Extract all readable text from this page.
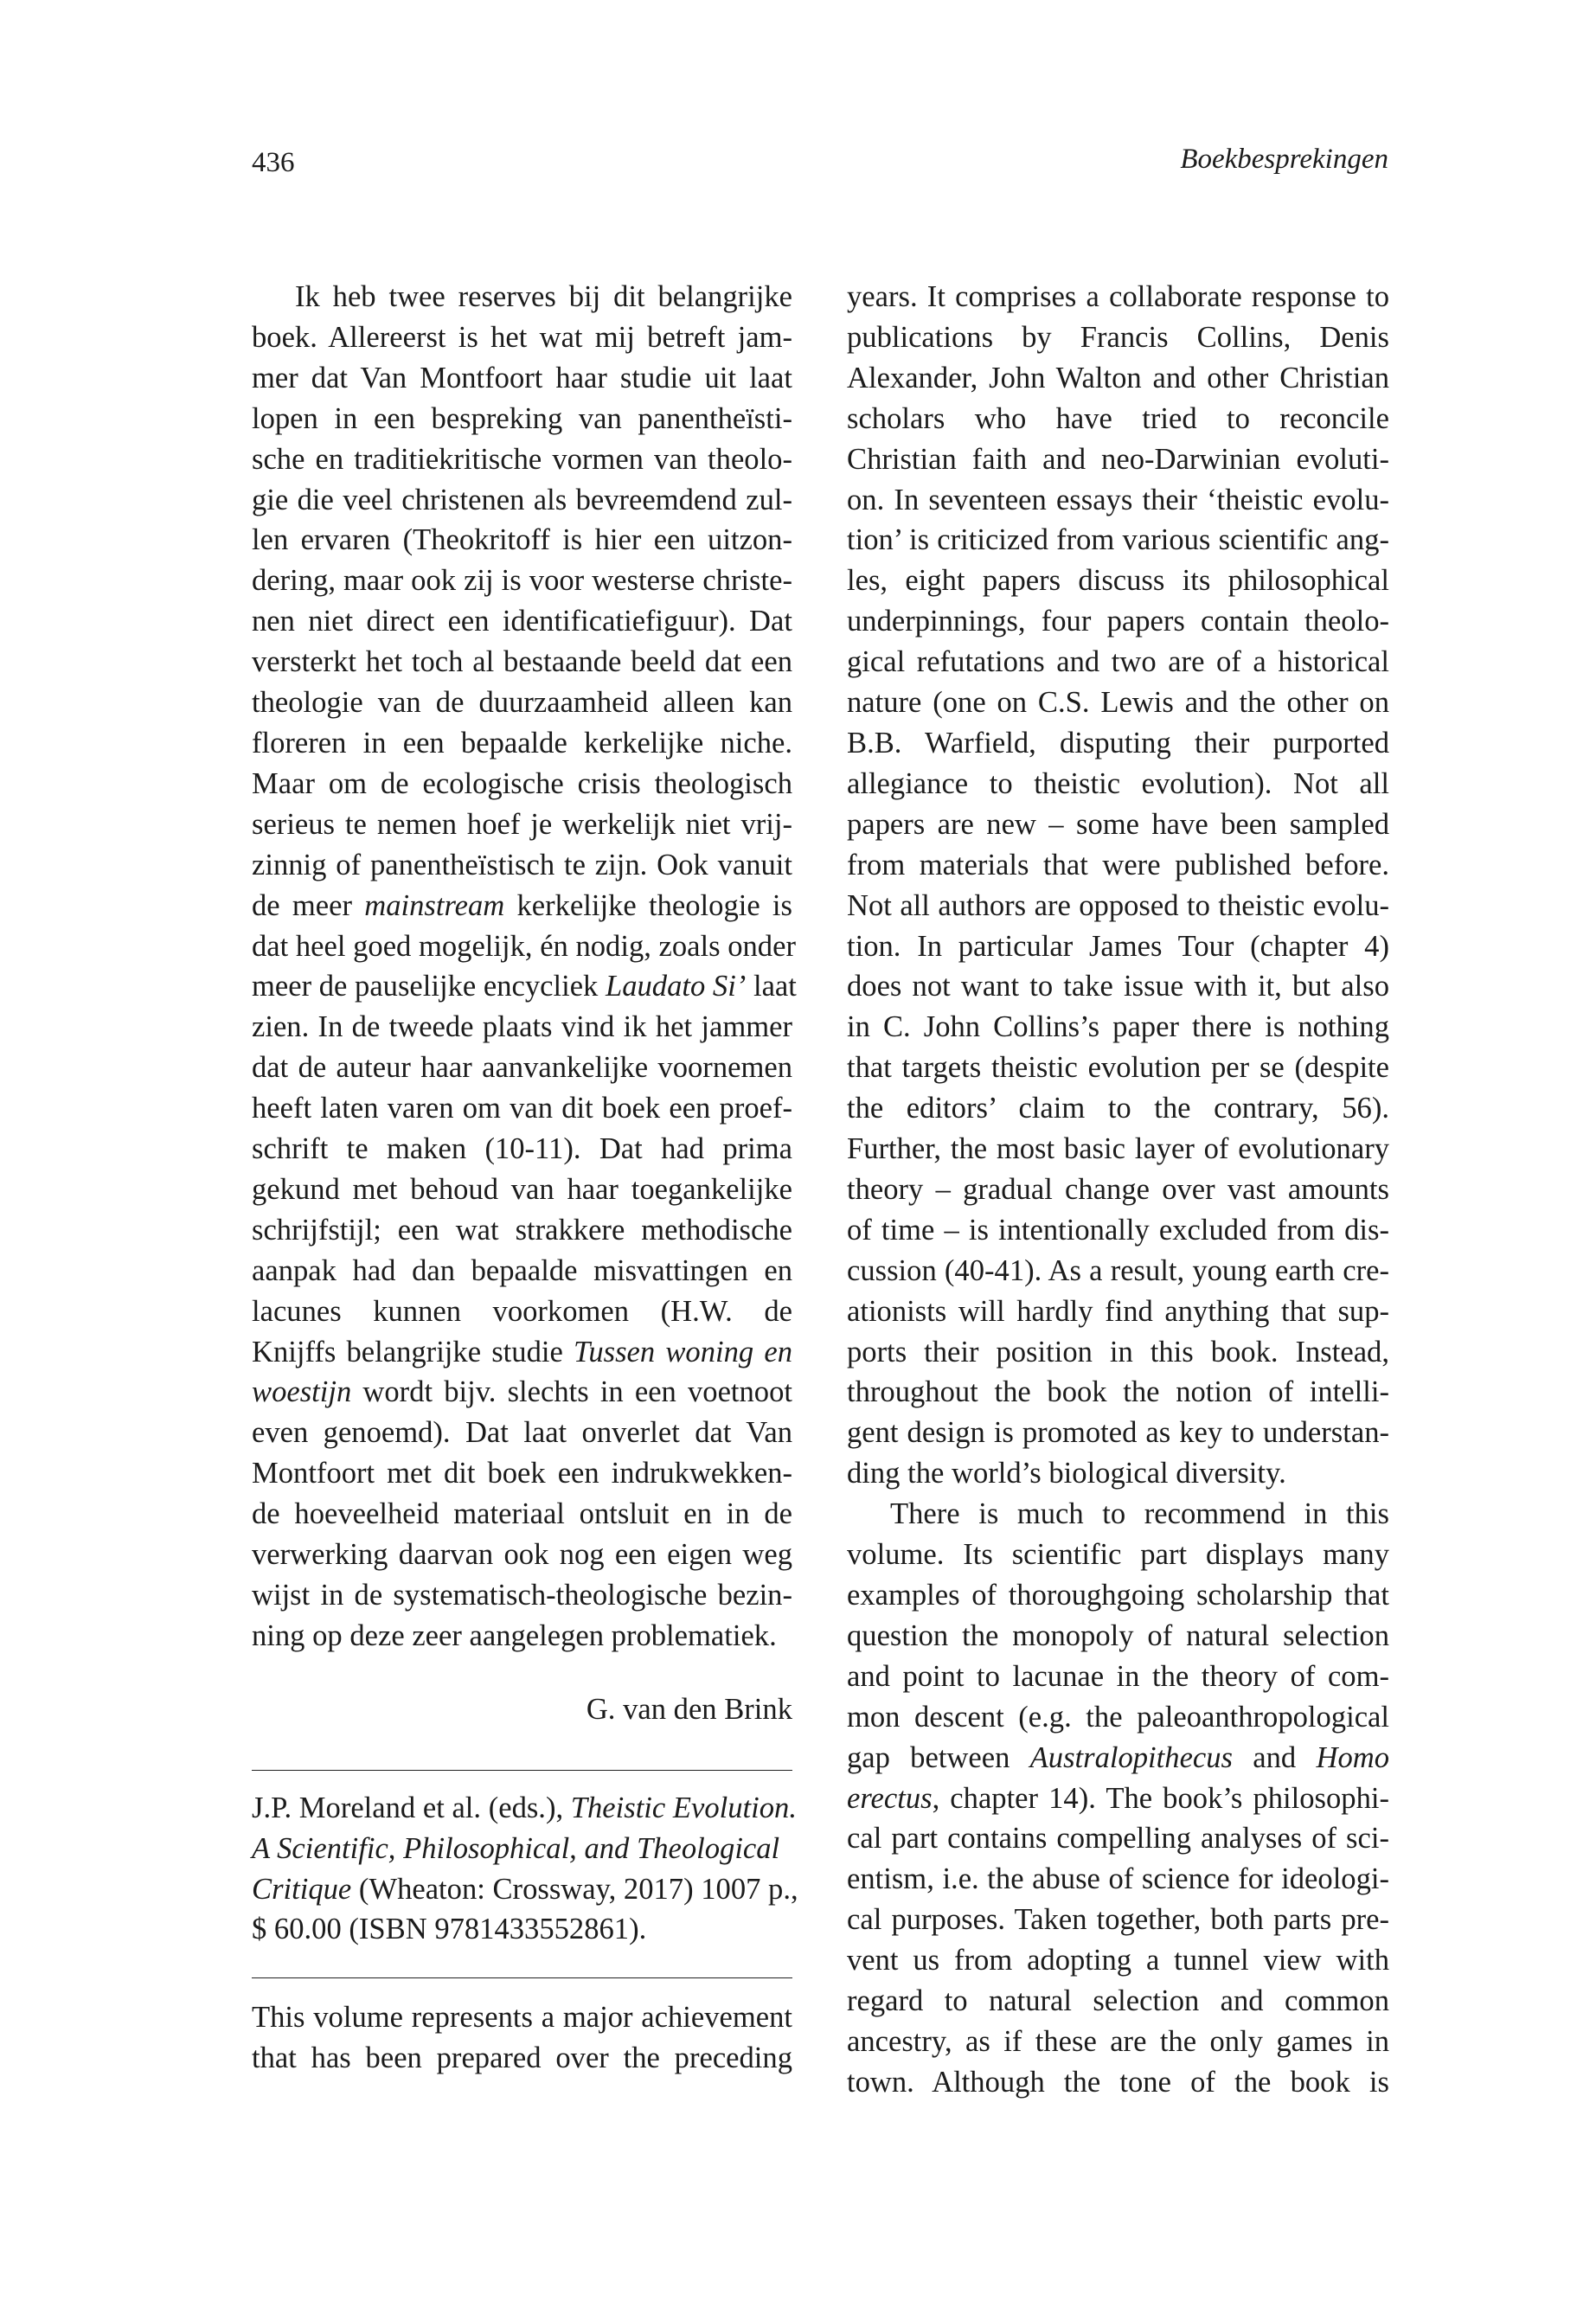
436	Boekbesprekingen
Ik heb twee reserves bij dit belangrijke
boek. Allereerst is het wat mij betreft jam-
mer dat Van Montfoort haar studie uit laat
lopen in een bespreking van panentheïsti-
sche en traditiekritische vormen van theolo-
gie die veel christenen als bevreemdend zul-
len ervaren (Theokritoff is hier een uitzon-
dering, maar ook zij is voor westerse christe-
nen niet direct een identificatiefiguur). Dat
versterkt het toch al bestaande beeld dat een
theologie van de duurzaamheid alleen kan
floreren in een bepaalde kerkelijke niche.
Maar om de ecologische crisis theologisch
serieus te nemen hoef je werkelijk niet vrij-
zinnig of panentheïstisch te zijn. Ook vanuit
de meer mainstream kerkelijke theologie is
dat heel goed mogelijk, én nodig, zoals onder
meer de pauselijke encycliek Laudato Si’ laat
zien. In de tweede plaats vind ik het jammer
dat de auteur haar aanvankelijke voornemen
heeft laten varen om van dit boek een proef-
schrift te maken (10-11). Dat had prima
gekund met behoud van haar toegankelijke
schrijfstijl; een wat strakkere methodische
aanpak had dan bepaalde misvattingen en
lacunes kunnen voorkomen (H.W. de
Knijffs belangrijke studie Tussen woning en
woestijn wordt bijv. slechts in een voetnoot
even genoemd). Dat laat onverlet dat Van
Montfoort met dit boek een indrukwekken-
de hoeveelheid materiaal ontsluit en in de
verwerking daarvan ook nog een eigen weg
wijst in de systematisch-theologische bezin-
ning op deze zeer aangelegen problematiek.
G. van den Brink
J.P. Moreland et al. (eds.), Theistic Evolution.
A Scientific, Philosophical, and Theological
Critique (Wheaton: Crossway, 2017) 1007 p.,
$ 60.00 (ISBN 9781433552861).
This volume represents a major achievement
that has been prepared over the preceding
years. It comprises a collaborate response to
publications by Francis Collins, Denis
Alexander, John Walton and other Christian
scholars who have tried to reconcile
Christian faith and neo-Darwinian evoluti-
on. In seventeen essays their ‘theistic evolu-
tion’ is criticized from various scientific ang-
les, eight papers discuss its philosophical
underpinnings, four papers contain theolo-
gical refutations and two are of a historical
nature (one on C.S. Lewis and the other on
B.B. Warfield, disputing their purported
allegiance to theistic evolution). Not all
papers are new – some have been sampled
from materials that were published before.
Not all authors are opposed to theistic evolu-
tion. In particular James Tour (chapter 4)
does not want to take issue with it, but also
in C. John Collins’s paper there is nothing
that targets theistic evolution per se (despite
the editors’ claim to the contrary, 56).
Further, the most basic layer of evolutionary
theory – gradual change over vast amounts
of time – is intentionally excluded from dis-
cussion (40-41). As a result, young earth cre-
ationists will hardly find anything that sup-
ports their position in this book. Instead,
throughout the book the notion of intelli-
gent design is promoted as key to understan-
ding the world’s biological diversity.
There is much to recommend in this
volume. Its scientific part displays many
examples of thoroughgoing scholarship that
question the monopoly of natural selection
and point to lacunae in the theory of com-
mon descent (e.g. the paleoanthropological
gap between Australopithecus and Homo
erectus, chapter 14). The book’s philosophi-
cal part contains compelling analyses of sci-
entism, i.e. the abuse of science for ideologi-
cal purposes. Taken together, both parts pre-
vent us from adopting a tunnel view with
regard to natural selection and common
ancestry, as if these are the only games in
town. Although the tone of the book is
